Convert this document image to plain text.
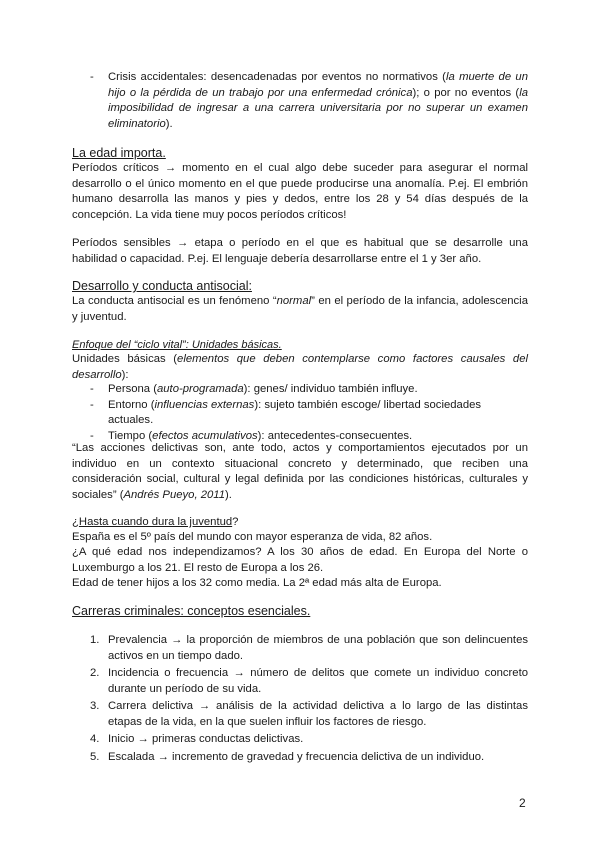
- Crisis accidentales: desencadenadas por eventos no normativos (la muerte de un hijo o la pérdida de un trabajo por una enfermedad crónica); o por no eventos (la imposibilidad de ingresar a una carrera universitaria por no superar un examen eliminatorio).
La edad importa.
Períodos críticos → momento en el cual algo debe suceder para asegurar el normal desarrollo o el único momento en el que puede producirse una anomalía. P.ej. El embrión humano desarrolla las manos y pies y dedos, entre los 28 y 54 días después de la concepción. La vida tiene muy pocos períodos críticos!
Períodos sensibles → etapa o período en el que es habitual que se desarrolle una habilidad o capacidad. P.ej. El lenguaje debería desarrollarse entre el 1 y 3er año.
Desarrollo y conducta antisocial:
La conducta antisocial es un fenómeno “normal” en el período de la infancia, adolescencia y juventud.
Enfoque del “ciclo vital”: Unidades básicas.
Unidades básicas (elementos que deben contemplarse como factores causales del desarrollo):
- Persona (auto-programada): genes/ individuo también influye.
- Entorno (influencias externas): sujeto también escoge/ libertad sociedades actuales.
- Tiempo (efectos acumulativos): antecedentes-consecuentes.
“Las acciones delictivas son, ante todo, actos y comportamientos ejecutados por un individuo en un contexto situacional concreto y determinado, que reciben una consideración social, cultural y legal definida por las condiciones históricas, culturales y sociales” (Andrés Pueyo, 2011).
¿Hasta cuando dura la juventud?
España es el 5º país del mundo con mayor esperanza de vida, 82 años.
¿A qué edad nos independizamos? A los 30 años de edad. En Europa del Norte o Luxemburgo a los 21. El resto de Europa a los 26.
Edad de tener hijos a los 32 como media. La 2ª edad más alta de Europa.
Carreras criminales: conceptos esenciales.
1. Prevalencia → la proporción de miembros de una población que son delincuentes activos en un tiempo dado.
2. Incidencia o frecuencia → número de delitos que comete un individuo concreto durante un período de su vida.
3. Carrera delictiva → análisis de la actividad delictiva a lo largo de las distintas etapas de la vida, en la que suelen influir los factores de riesgo.
4. Inicio → primeras conductas delictivas.
5. Escalada → incremento de gravedad y frecuencia delictiva de un individuo.
2
